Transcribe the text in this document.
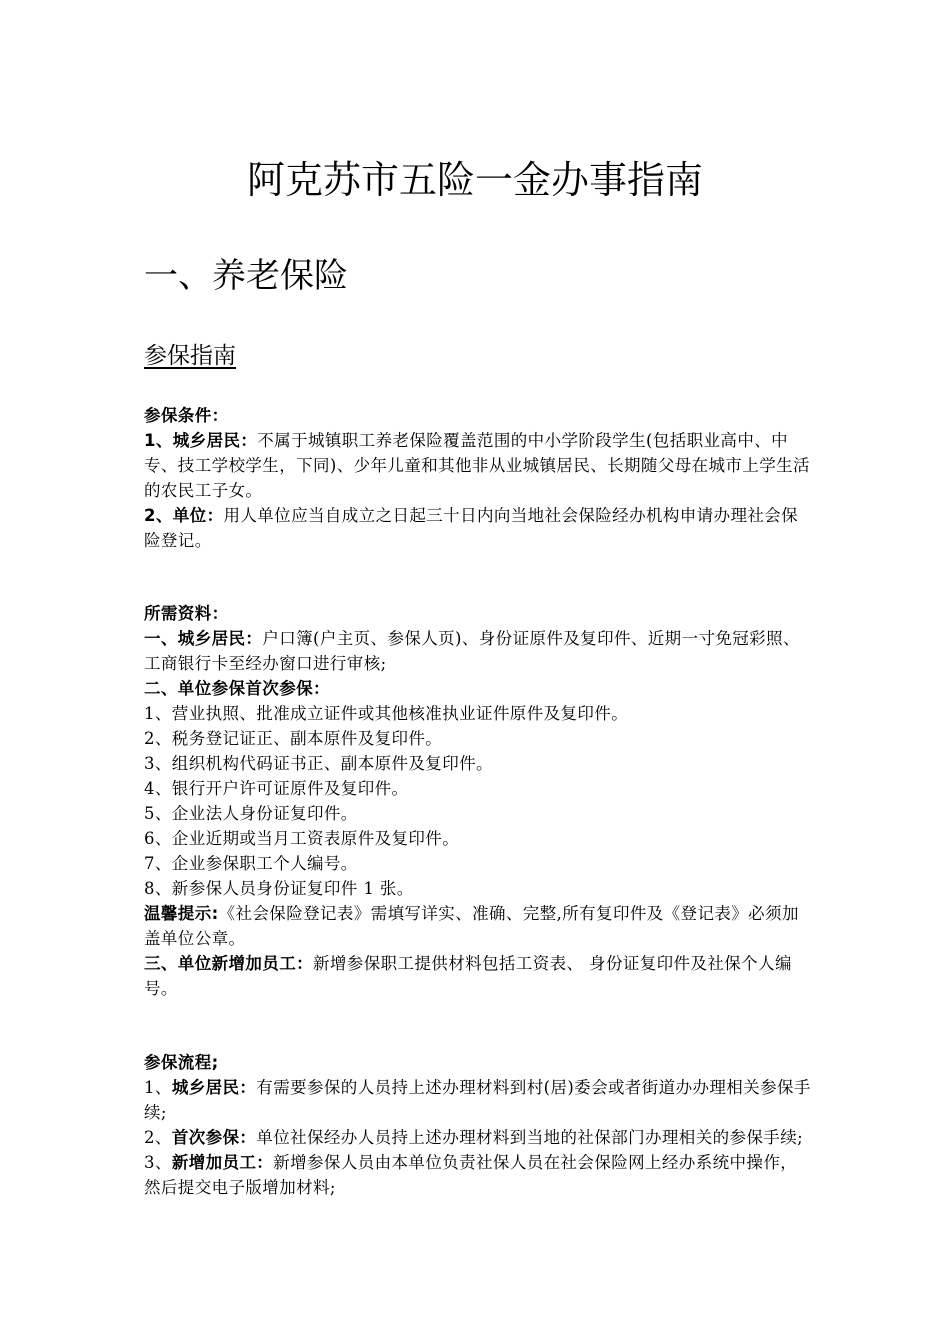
阿克苏市五险一金办事指南
一、养老保险
参保指南

参保条件：

1、城乡居民：不属于城镇职工养老保险覆盖范围的中小学阶段学生(包括职业高中、中专、技工学校学生，下同)、少年儿童和其他非从业城镇居民、长期随父母在城市上学生活的农民工子女。

2、单位：用人单位应当自成立之日起三十日内向当地社会保险经办机构申请办理社会保险登记。

所需资料：

一、城乡居民：户口簿(户主页、参保人页)、身份证原件及复印件、近期一寸免冠彩照、工商银行卡至经办窗口进行审核;

二、单位参保首次参保：

1、营业执照、批准成立证件或其他核准执业证件原件及复印件。

2、税务登记证正、副本原件及复印件。

3、组织机构代码证书正、副本原件及复印件。

4、银行开户许可证原件及复印件。

5、企业法人身份证复印件。

6、企业近期或当月工资表原件及复印件。

7、企业参保职工个人编号。

8、新参保人员身份证复印件 1 张。

温馨提示:《社会保险登记表》需填写详实、准确、完整,所有复印件及《登记表》必须加盖单位公章。

三、单位新增加员工：新增参保职工提供材料包括工资表、 身份证复印件及社保个人编号。

参保流程;

1、城乡居民：有需要参保的人员持上述办理材料到村(居)委会或者街道办办理相关参保手续;

2、首次参保：单位社保经办人员持上述办理材料到当地的社保部门办理相关的参保手续;

3、新增加员工：新增参保人员由本单位负责社保人员在社会保险网上经办系统中操作，然后提交电子版增加材料;
